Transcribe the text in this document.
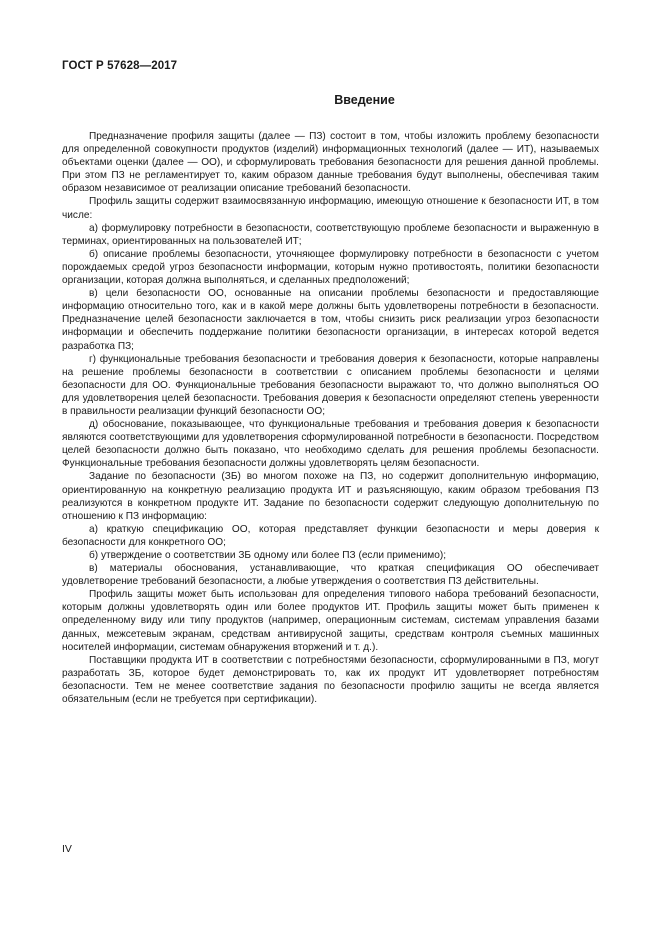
ГОСТ Р 57628—2017
Введение

Предназначение профиля защиты (далее — ПЗ) состоит в том, чтобы изложить проблему безопасности для определенной совокупности продуктов (изделий) информационных технологий (далее — ИТ), называемых объектами оценки (далее — ОО), и сформулировать требования безопасности для решения данной проблемы. При этом ПЗ не регламентирует то, каким образом данные требования будут выполнены, обеспечивая таким образом независимое от реализации описание требований безопасности.

Профиль защиты содержит взаимосвязанную информацию, имеющую отношение к безопасности ИТ, в том числе:

а) формулировку потребности в безопасности, соответствующую проблеме безопасности и выраженную в терминах, ориентированных на пользователей ИТ;

б) описание проблемы безопасности, уточняющее формулировку потребности в безопасности с учетом порождаемых средой угроз безопасности информации, которым нужно противостоять, политики безопасности организации, которая должна выполняться, и сделанных предположений;

в) цели безопасности ОО, основанные на описании проблемы безопасности и предоставляющие информацию относительно того, как и в какой мере должны быть удовлетворены потребности в безопасности. Предназначение целей безопасности заключается в том, чтобы снизить риск реализации угроз безопасности информации и обеспечить поддержание политики безопасности организации, в интересах которой ведется разработка ПЗ;

г) функциональные требования безопасности и требования доверия к безопасности, которые направлены на решение проблемы безопасности в соответствии с описанием проблемы безопасности и целями безопасности для ОО. Функциональные требования безопасности выражают то, что должно выполняться ОО для удовлетворения целей безопасности. Требования доверия к безопасности определяют степень уверенности в правильности реализации функций безопасности ОО;

д) обоснование, показывающее, что функциональные требования и требования доверия к безопасности являются соответствующими для удовлетворения сформулированной потребности в безопасности. Посредством целей безопасности должно быть показано, что необходимо сделать для решения проблемы безопасности. Функциональные требования безопасности должны удовлетворять целям безопасности.

Задание по безопасности (ЗБ) во многом похоже на ПЗ, но содержит дополнительную информацию, ориентированную на конкретную реализацию продукта ИТ и разъясняющую, каким образом требования ПЗ реализуются в конкретном продукте ИТ. Задание по безопасности содержит следующую дополнительную по отношению к ПЗ информацию:

а) краткую спецификацию ОО, которая представляет функции безопасности и меры доверия к безопасности для конкретного ОО;

б) утверждение о соответствии ЗБ одному или более ПЗ (если применимо);

в) материалы обоснования, устанавливающие, что краткая спецификация ОО обеспечивает удовлетворение требований безопасности, а любые утверждения о соответствия ПЗ действительны.

Профиль защиты может быть использован для определения типового набора требований безопасности, которым должны удовлетворять один или более продуктов ИТ. Профиль защиты может быть применен к определенному виду или типу продуктов (например, операционным системам, системам управления базами данных, межсетевым экранам, средствам антивирусной защиты, средствам контроля съемных машинных носителей информации, системам обнаружения вторжений и т. д.).

Поставщики продукта ИТ в соответствии с потребностями безопасности, сформулированными в ПЗ, могут разработать ЗБ, которое будет демонстрировать то, как их продукт ИТ удовлетворяет потребностям безопасности. Тем не менее соответствие задания по безопасности профилю защиты не всегда является обязательным (если не требуется при сертификации).

IV
